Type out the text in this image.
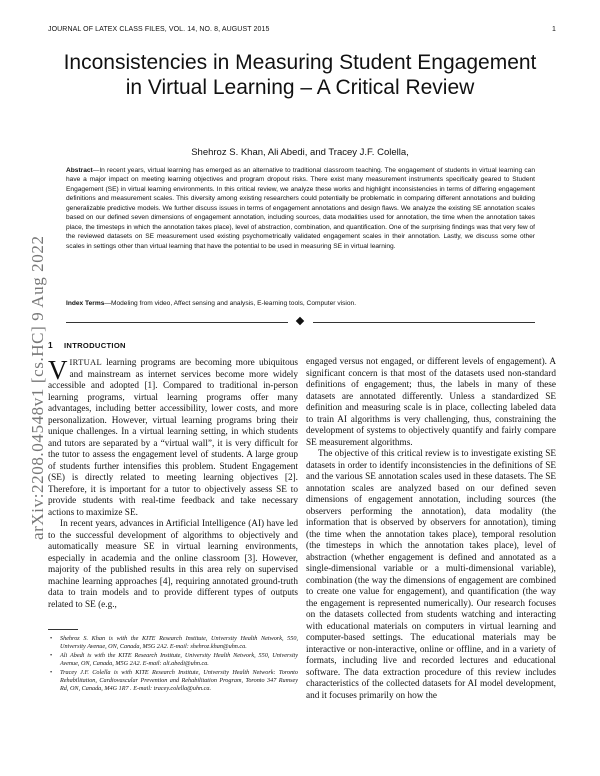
JOURNAL OF LATEX CLASS FILES, VOL. 14, NO. 8, AUGUST 2015	1
arXiv:2208.04548v1 [cs.HC] 9 Aug 2022
Inconsistencies in Measuring Student Engagement in Virtual Learning – A Critical Review
Shehroz S. Khan, Ali Abedi, and Tracey J.F. Colella,
Abstract—In recent years, virtual learning has emerged as an alternative to traditional classroom teaching. The engagement of students in virtual learning can have a major impact on meeting learning objectives and program dropout risks. There exist many measurement instruments specifically geared to Student Engagement (SE) in virtual learning environments. In this critical review, we analyze these works and highlight inconsistencies in terms of differing engagement definitions and measurement scales. This diversity among existing researchers could potentially be problematic in comparing different annotations and building generalizable predictive models. We further discuss issues in terms of engagement annotations and design flaws. We analyze the existing SE annotation scales based on our defined seven dimensions of engagement annotation, including sources, data modalities used for annotation, the time when the annotation takes place, the timesteps in which the annotation takes place), level of abstraction, combination, and quantification. One of the surprising findings was that very few of the reviewed datasets on SE measurement used existing psychometrically validated engagement scales in their annotation. Lastly, we discuss some other scales in settings other than virtual learning that have the potential to be used in measuring SE in virtual learning.
Index Terms—Modeling from video, Affect sensing and analysis, E-learning tools, Computer vision.
1 INTRODUCTION

VIRTUAL learning programs are becoming more ubiquitous and mainstream as internet services become more widely accessible and adopted [1]. Compared to traditional in-person learning programs, virtual learning programs offer many advantages, including better accessibility, lower costs, and more personalization. However, virtual learning programs bring their unique challenges. In a virtual learning setting, in which students and tutors are separated by a “virtual wall”, it is very difficult for the tutor to assess the engagement level of students. A large group of students further intensifies this problem. Student Engagement (SE) is directly related to meeting learning objectives [2]. Therefore, it is important for a tutor to objectively assess SE to provide students with real-time feedback and take necessary actions to maximize SE.

In recent years, advances in Artificial Intelligence (AI) have led to the successful development of algorithms to objectively and automatically measure SE in virtual learning environments, especially in academia and the online classroom [3]. However, majority of the published results in this area rely on supervised machine learning approaches [4], requiring annotated ground-truth data to train models and to provide different types of outputs related to SE (e.g.,

engaged versus not engaged, or different levels of engagement). A significant concern is that most of the datasets used non-standard definitions of engagement; thus, the labels in many of these datasets are annotated differently. Unless a standardized SE definition and measuring scale is in place, collecting labeled data to train AI algorithms is very challenging, thus, constraining the development of systems to objectively quantify and fairly compare SE measurement algorithms.

The objective of this critical review is to investigate existing SE datasets in order to identify inconsistencies in the definitions of SE and the various SE annotation scales used in these datasets. The SE annotation scales are analyzed based on our defined seven dimensions of engagement annotation, including sources (the observers performing the annotation), data modality (the information that is observed by observers for annotation), timing (the time when the annotation takes place), temporal resolution (the timesteps in which the annotation takes place), level of abstraction (whether engagement is defined and annotated as a single-dimensional variable or a multi-dimensional variable), combination (the way the dimensions of engagement are combined to create one value for engagement), and quantification (the way the engagement is represented numerically). Our research focuses on the datasets collected from students watching and interacting with educational materials on computers in virtual learning and computer-based settings. The educational materials may be interactive or non-interactive, online or offline, and in a variety of formats, including live and recorded lectures and educational software. The data extraction procedure of this review includes characteristics of the collected datasets for AI model development, and it focuses primarily on how the

• Shehroz S. Khan is with the KITE Research Institute, University Health Network, 550, University Avenue, ON, Canada, M5G 2A2. E-mail: shehroz.khan@uhn.ca.
• Ali Abedi is with the KITE Research Institute, University Health Network, 550, University Avenue, ON, Canada, M5G 2A2. E-mail: ali.abedi@uhn.ca.
• Tracey J.F. Colella is with KITE Research Institute, University Health Network: Toronto Rehabilitation, Cardiovascular Prevention and Rehabilitation Program, Toronto 347 Rumsey Rd, ON, Canada, M4G 1R7 . E-mail: tracey.colella@uhn.ca.
